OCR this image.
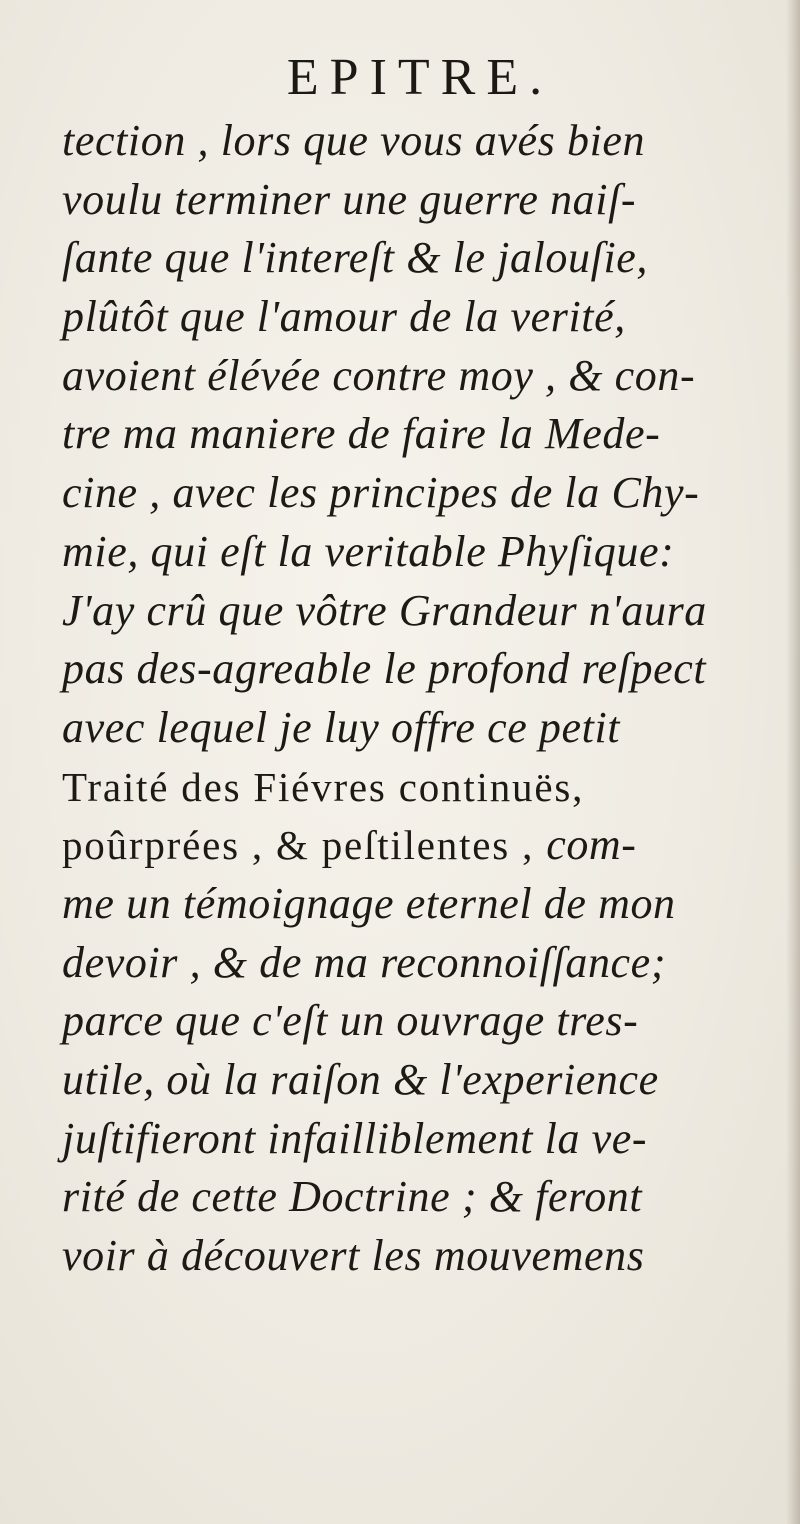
EPITRE.
tection , lors que vous avés bien
voulu terminer une guerre naiſ-
ſante que l'intereſt & le jalouſie,
plûtôt que l'amour de la verité,
avoient élévée contre moy , & con-
tre ma maniere de faire la Mede-
cine , avec les principes de la Chy-
mie, qui eſt la veritable Phyſique:
J'ay crû que vôtre Grandeur n'aura
pas des-agreable le profond reſpect
avec lequel je luy offre ce petit
Traité des Fiévres continuës,
poûrprées , & peſtilentes , com-
me un témoignage eternel de mon
devoir , & de ma reconnoiſſance;
parce que c'eſt un ouvrage tres-
utile, où la raiſon & l'experience
juſtifieront infailliblement la ve-
rité de cette Doctrine ; & feront
voir à découvert les mouvemens
